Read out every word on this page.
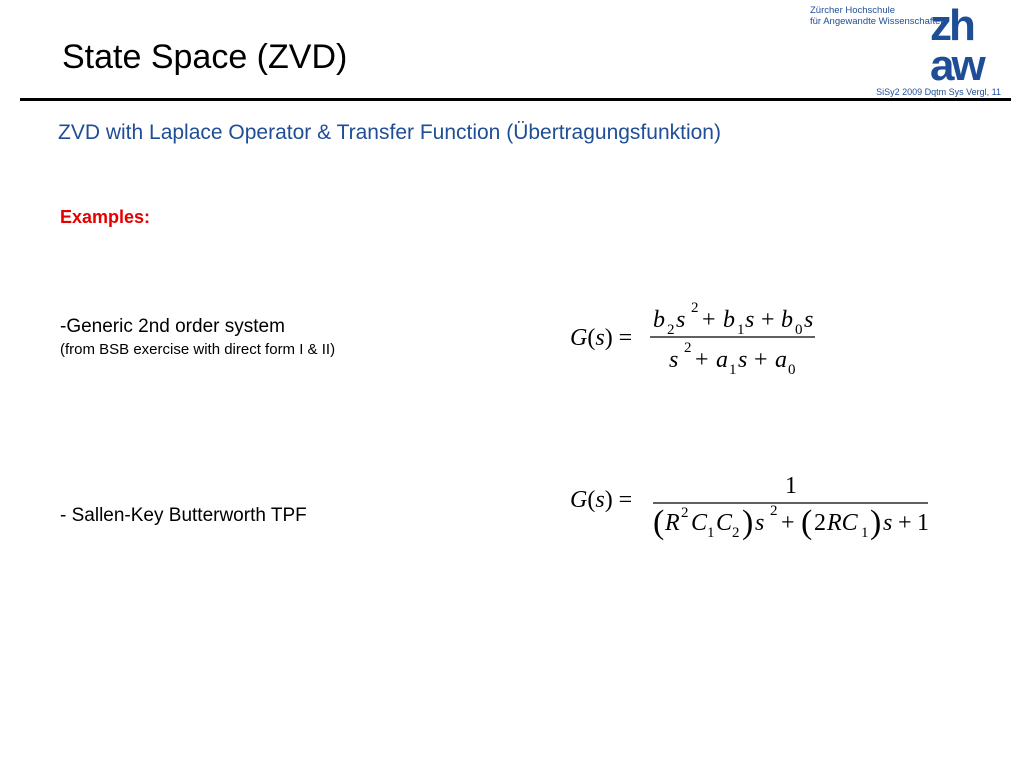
State Space (ZVD)
Zürcher Hochschule
für Angewandte Wissenschaften
zh
aw
SiSy2 2009 Dqtm Sys Vergl, 11
ZVD with Laplace Operator & Transfer Function (Übertragungsfunktion)
Examples:
-Generic 2nd order system
(from BSB exercise with direct form I & II)	G(s) =
b 2 s 2 + b 1 s + b 0 s
s 2 + a 1 s + a 0
- Sallen-Key Butterworth TPF
G(s) =
1
( R 2 C 1 C 2 ) s 2 + ( 2 RC 1 ) s + 1
